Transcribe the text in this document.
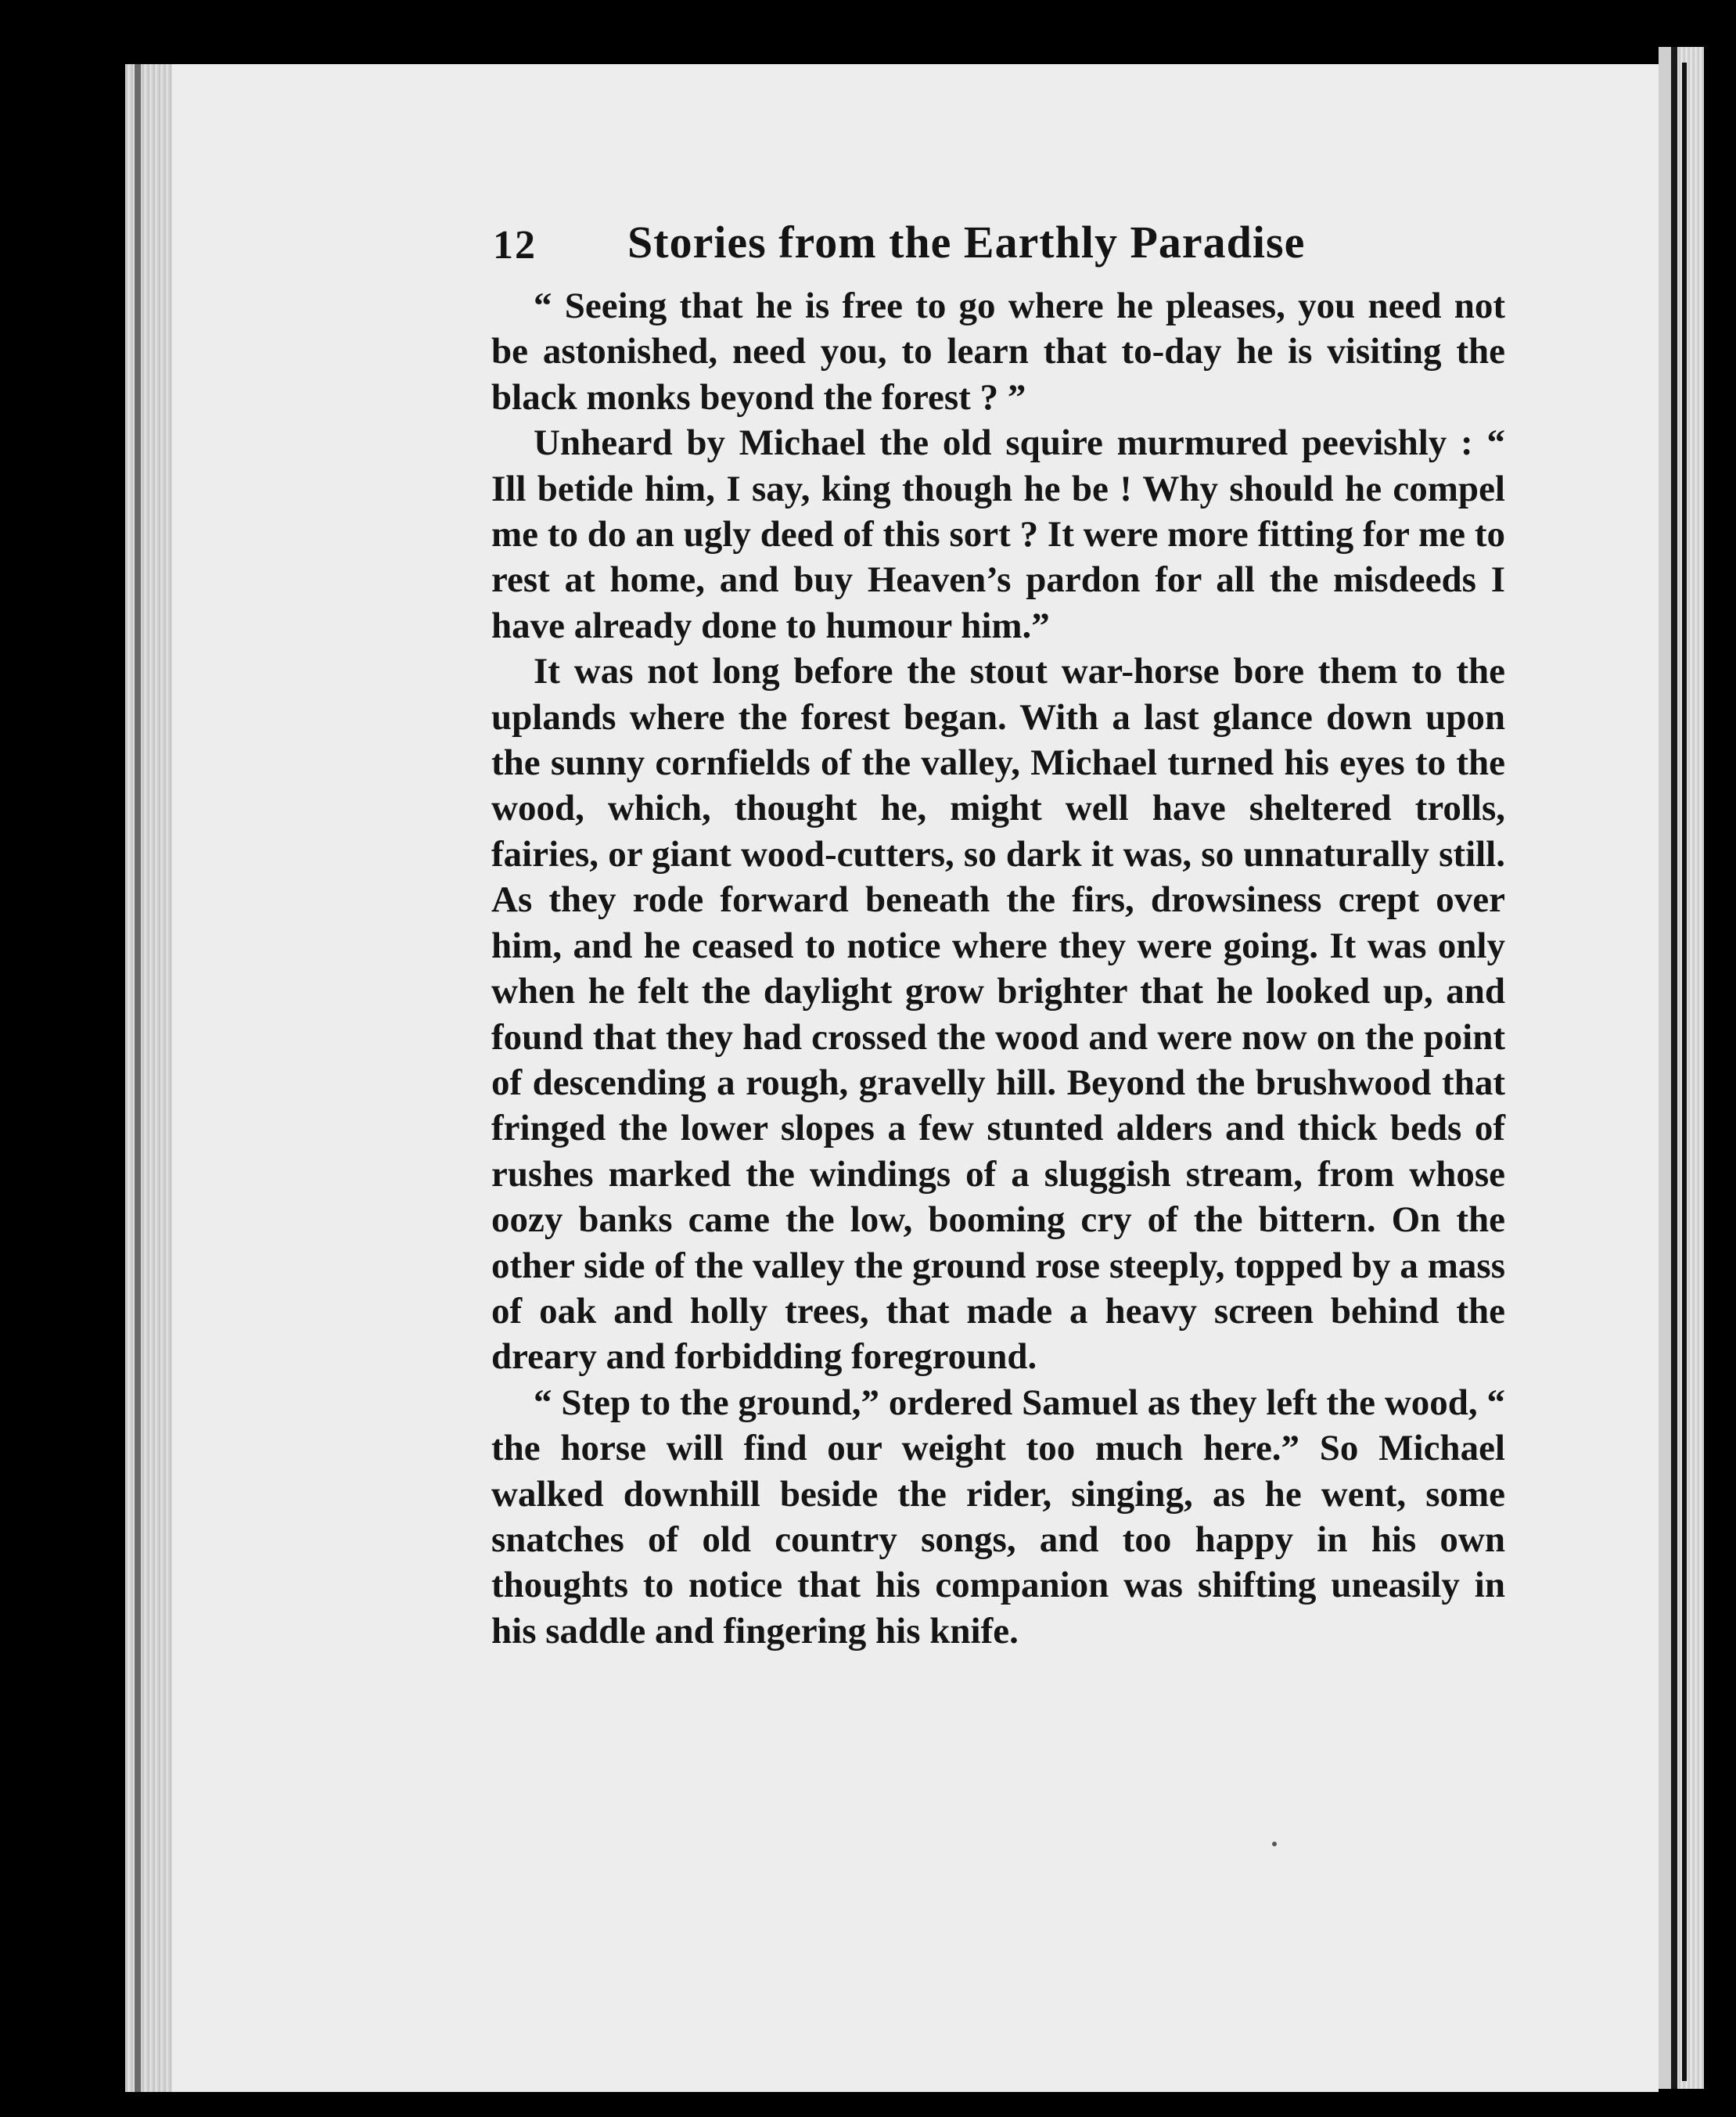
12 Stories from the Earthly Paradise

“ Seeing that he is free to go where he pleases, you need not be astonished, need you, to learn that to-day he is visiting the black monks beyond the forest ? ”

Unheard by Michael the old squire murmured peevishly : “ Ill betide him, I say, king though he be ! Why should he compel me to do an ugly deed of this sort ? It were more fitting for me to rest at home, and buy Heaven’s pardon for all the misdeeds I have already done to humour him.”

It was not long before the stout war-horse bore them to the uplands where the forest began. With a last glance down upon the sunny cornfields of the valley, Michael turned his eyes to the wood, which, thought he, might well have sheltered trolls, fairies, or giant wood-cutters, so dark it was, so unnaturally still. As they rode forward beneath the firs, drowsiness crept over him, and he ceased to notice where they were going. It was only when he felt the daylight grow brighter that he looked up, and found that they had crossed the wood and were now on the point of descending a rough, gravelly hill. Beyond the brushwood that fringed the lower slopes a few stunted alders and thick beds of rushes marked the windings of a sluggish stream, from whose oozy banks came the low, booming cry of the bittern. On the other side of the valley the ground rose steeply, topped by a mass of oak and holly trees, that made a heavy screen behind the dreary and forbidding foreground.

“ Step to the ground,” ordered Samuel as they left the wood, “ the horse will find our weight too much here.” So Michael walked downhill beside the rider, singing, as he went, some snatches of old country songs, and too happy in his own thoughts to notice that his companion was shifting uneasily in his saddle and fingering his knife.
